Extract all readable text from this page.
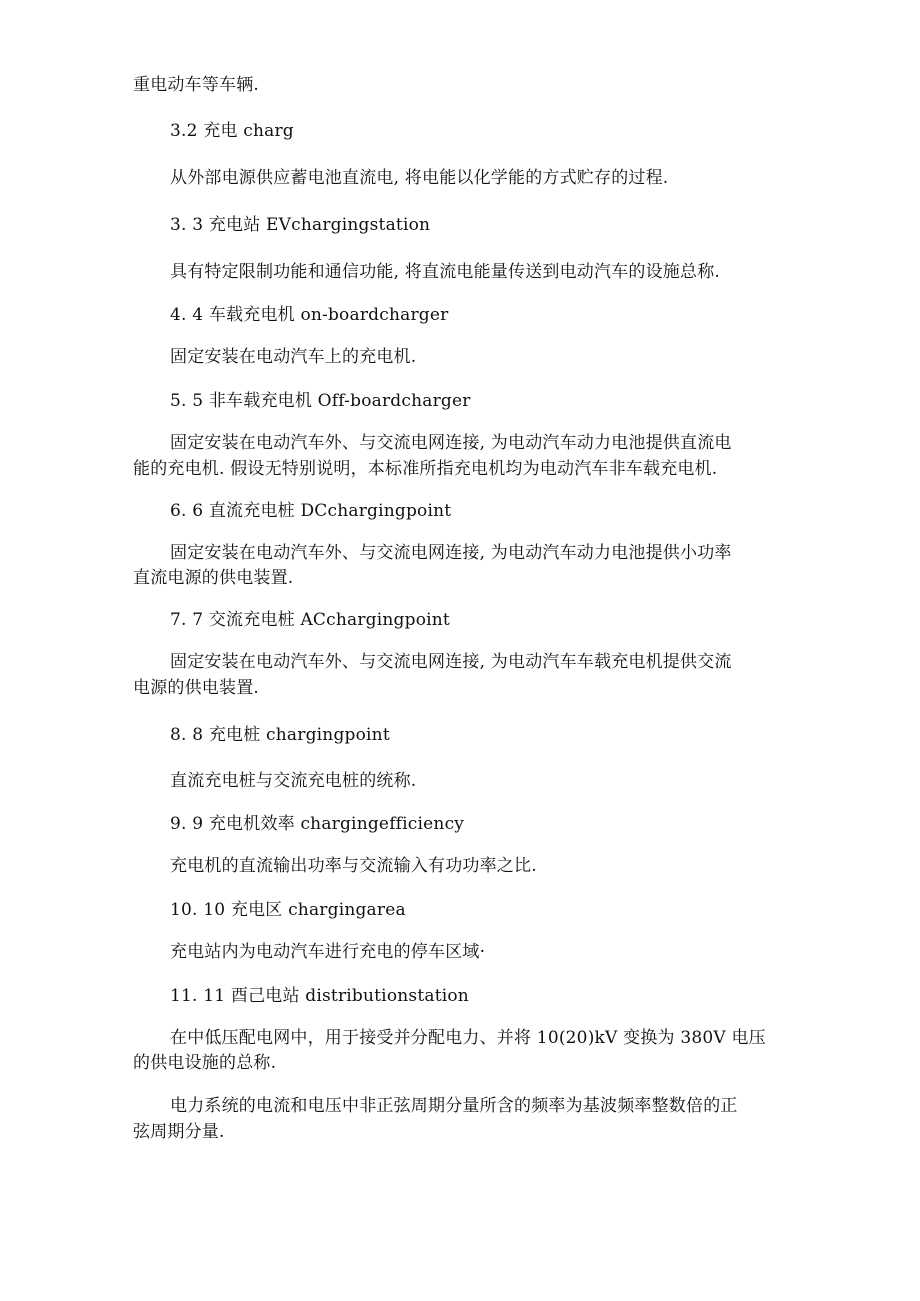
重电动车等车辆.

3.2 充电 charg

从外部电源供应蓄电池直流电, 将电能以化学能的方式贮存的过程.

3. 3 充电站 EVchargingstation

具有特定限制功能和通信功能, 将直流电能量传送到电动汽车的设施总称.

4. 4 车载充电机 on-boardcharger

固定安装在电动汽车上的充电机.

5. 5 非车载充电机 Off-boardcharger

固定安装在电动汽车外、与交流电网连接, 为电动汽车动力电池提供直流电

能的充电机. 假设无特别说明，本标准所指充电机均为电动汽车非车载充电机.

6. 6 直流充电桩 DCchargingpoint

固定安装在电动汽车外、与交流电网连接, 为电动汽车动力电池提供小功率

直流电源的供电装置.

7. 7 交流充电桩 ACchargingpoint

固定安装在电动汽车外、与交流电网连接, 为电动汽车车载充电机提供交流

电源的供电装置.

8. 8 充电桩 chargingpoint

直流充电桩与交流充电桩的统称.

9. 9 充电机效率 chargingefficiency

充电机的直流输出功率与交流输入有功功率之比.

10. 10 充电区 chargingarea

充电站内为电动汽车进行充电的停车区域·

11. 11 酉己电站 distributionstation

在中低压配电网中，用于接受并分配电力、并将 10(20)kV 变换为 380V 电压

的供电设施的总称.

电力系统的电流和电压中非正弦周期分量所含的频率为基波频率整数倍的正

弦周期分量.
